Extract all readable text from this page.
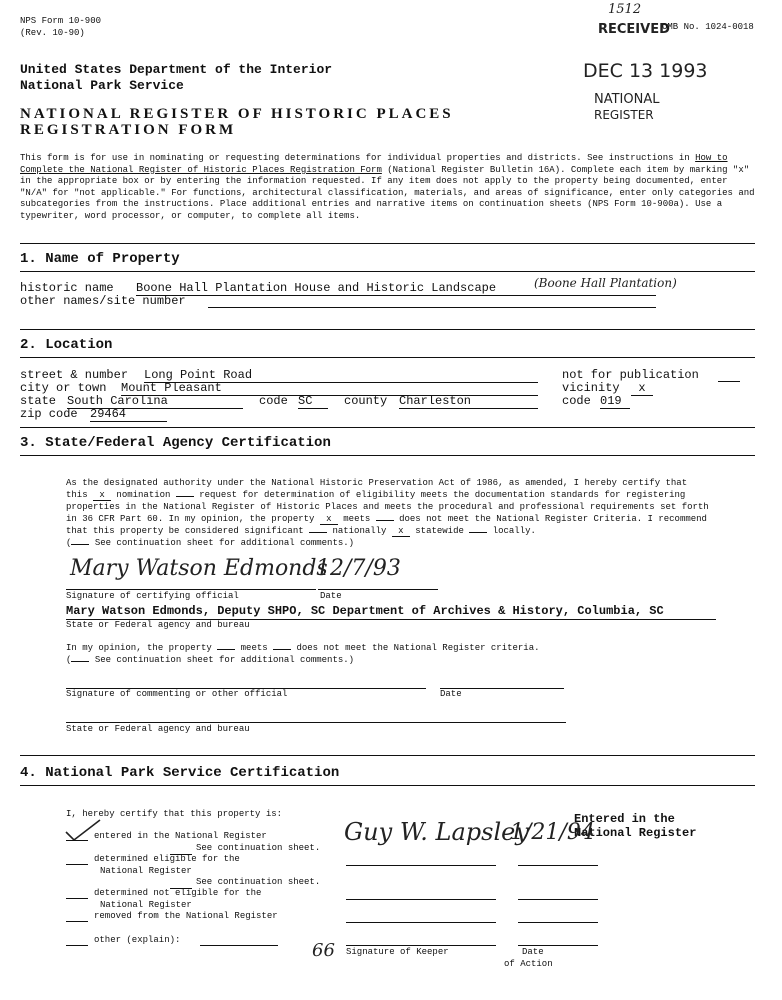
NPS Form 10-900
(Rev. 10-90)
1512
RECEIVED
OMB No. 1024-0018
DEC 13 1993
NATIONAL
REGISTER
United States Department of the Interior
National Park Service
NATIONAL REGISTER OF HISTORIC PLACES
REGISTRATION FORM
This form is for use in nominating or requesting determinations for individual properties and districts. See instructions in How to Complete the National Register of Historic Places Registration Form (National Register Bulletin 16A). Complete each item by marking "x" in the appropriate box or by entering the information requested. If any item does not apply to the property being documented, enter "N/A" for "not applicable." For functions, architectural classification, materials, and areas of significance, enter only categories and subcategories from the instructions. Place additional entries and narrative items on continuation sheets (NPS Form 10-900a). Use a typewriter, word processor, or computer, to complete all items.
1. Name of Property
historic name Boone Hall Plantation House and Historic Landscape	(Boone Hall Plantation)
other names/site number
2. Location
street & number Long Point Road	not for publication
city or town Mount Pleasant	vicinity	x
state South Carolina	code SC	county Charleston	code 019
zip code 29464
3. State/Federal Agency Certification
As the designated authority under the National Historic Preservation Act of 1986, as amended, I hereby certify that
this x nomination	request for determination of eligibility meets the documentation standards for registering
properties in the National Register of Historic Places and meets the procedural and professional requirements set forth
in 36 CFR Part 60. In my opinion, the property x meets	does not meet the National Register Criteria. I recommend
that this property be considered significant	nationally x statewide	locally.
(	See continuation sheet for additional comments.)
Mary Watson Edmonds
12/7/93
Signature of certifying official	Date
Mary Watson Edmonds, Deputy SHPO, SC Department of Archives & History, Columbia, SC
State or Federal agency and bureau
In my opinion, the property	meets	does not meet the National Register criteria.
(	See continuation sheet for additional comments.)
Signature of commenting or other official	Date
State or Federal agency and bureau
4. National Park Service Certification
I, hereby certify that this property is:
entered in the National Register
See continuation sheet.
determined eligible for the
National Register
See continuation sheet.
determined not eligible for the
National Register
removed from the National Register
other (explain):
Entered in the
National Register
Guy W. Lapsley
1/21/94
66 Signature of Keeper	Date
of Action
